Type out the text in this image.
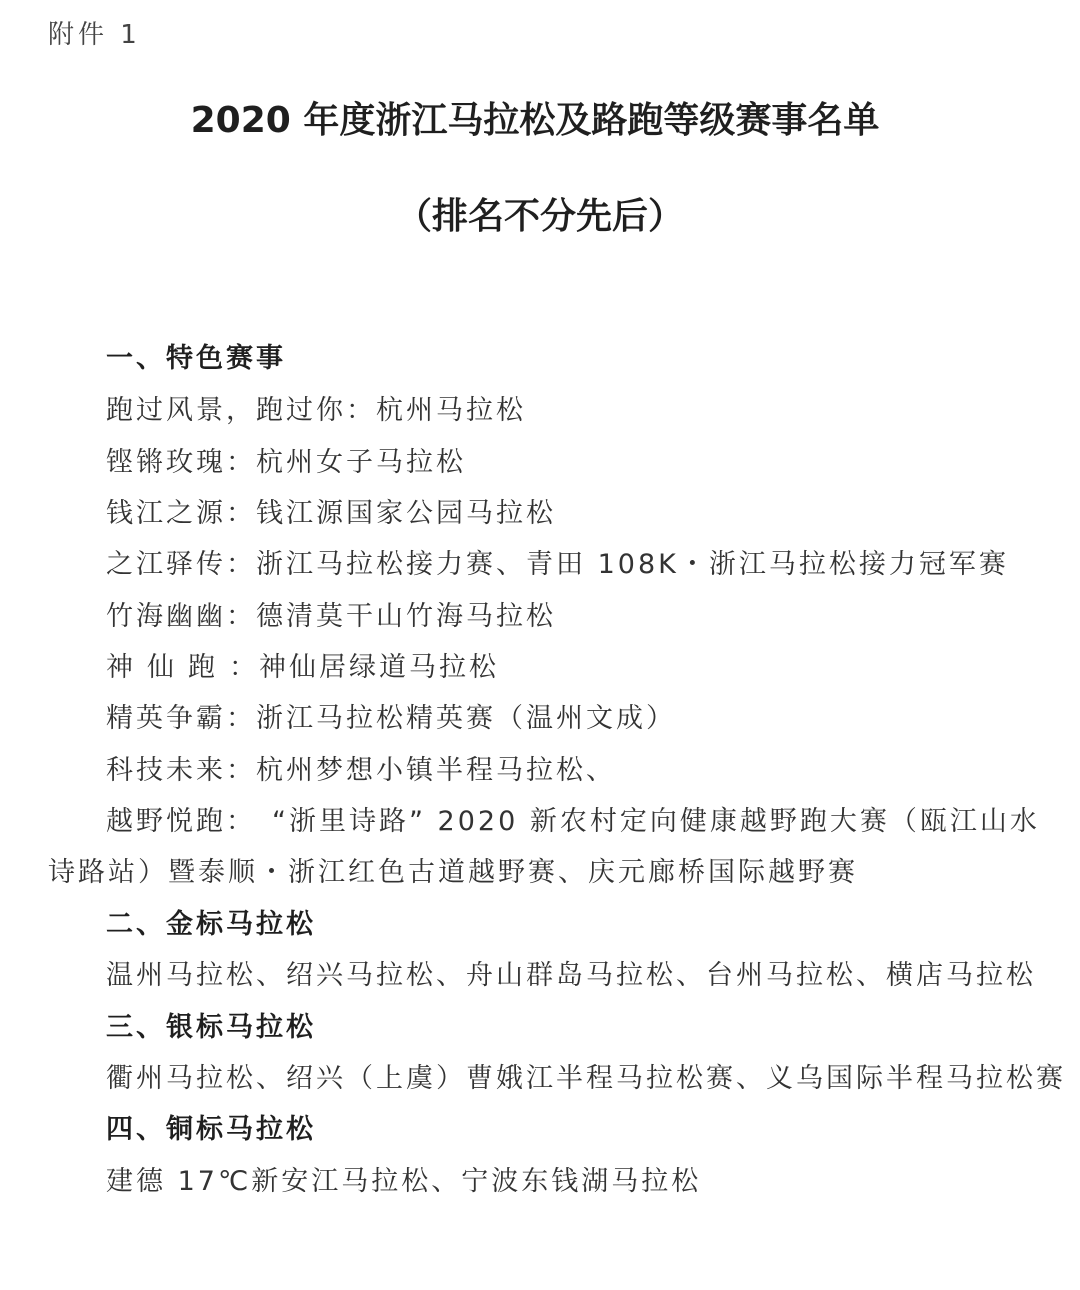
附件 1
2020 年度浙江马拉松及路跑等级赛事名单
（排名不分先后）
一、特色赛事
跑过风景，跑过你：杭州马拉松
铿锵玫瑰：杭州女子马拉松
钱江之源：钱江源国家公园马拉松
之江驿传：浙江马拉松接力赛、青田 108K・浙江马拉松接力冠军赛
竹海幽幽：德清莫干山竹海马拉松
神仙跑：神仙居绿道马拉松
精英争霸：浙江马拉松精英赛（温州文成）
科技未来：杭州梦想小镇半程马拉松、
越野悦跑： “浙里诗路” 2020 新农村定向健康越野跑大赛（瓯江山水
诗路站）暨泰顺・浙江红色古道越野赛、庆元廊桥国际越野赛
二、金标马拉松
温州马拉松、绍兴马拉松、舟山群岛马拉松、台州马拉松、横店马拉松
三、银标马拉松
衢州马拉松、绍兴（上虞）曹娥江半程马拉松赛、义乌国际半程马拉松赛
四、铜标马拉松
建德 17℃新安江马拉松、宁波东钱湖马拉松
